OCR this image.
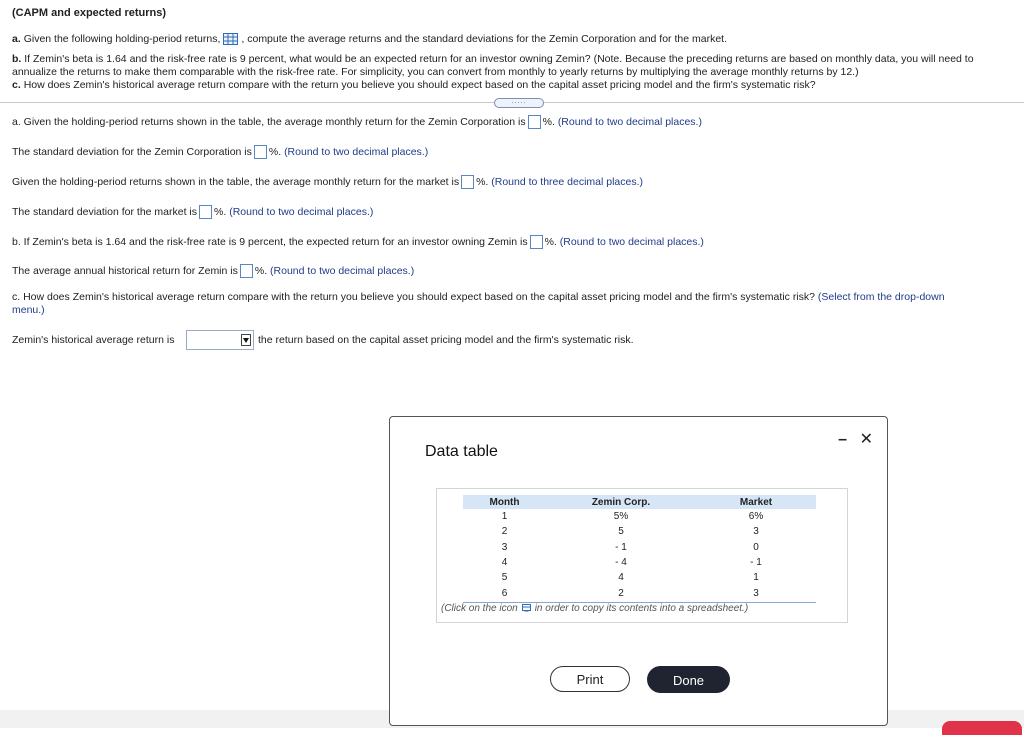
(CAPM and expected returns)
a. Given the following holding-period returns, , compute the average returns and the standard deviations for the Zemin Corporation and for the market.
b. If Zemin's beta is 1.64 and the risk-free rate is 9 percent, what would be an expected return for an investor owning Zemin? (Note. Because the preceding returns are based on monthly data, you will need to
annualize the returns to make them comparable with the risk-free rate. For simplicity, you can convert from monthly to yearly returns by multiplying the average monthly returns by 12.)
c. How does Zemin's historical average return compare with the return you believe you should expect based on the capital asset pricing model and the firm's systematic risk?
.....
a. Given the holding-period returns shown in the table, the average monthly return for the Zemin Corporation is %. (Round to two decimal places.)
The standard deviation for the Zemin Corporation is %. (Round to two decimal places.)
Given the holding-period returns shown in the table, the average monthly return for the market is %. (Round to three decimal places.)
The standard deviation for the market is %. (Round to two decimal places.)
b. If Zemin's beta is 1.64 and the risk-free rate is 9 percent, the expected return for an investor owning Zemin is %. (Round to two decimal places.)
The average annual historical return for Zemin is %. (Round to two decimal places.)
c. How does Zemin's historical average return compare with the return you believe you should expect based on the capital asset pricing model and the firm's systematic risk? (Select from the drop-down
menu.)
Zemin's historical average return is	the return based on the capital asset pricing model and the firm's systematic risk.
Data table
– ✕
Month	Zemin Corp.	Market
1	5%	6%
2	5	3
3	- 1	0
4	- 4	- 1
5	4	1
6	2	3
(Click on the icon in order to copy its contents into a spreadsheet.)
Print	Done
